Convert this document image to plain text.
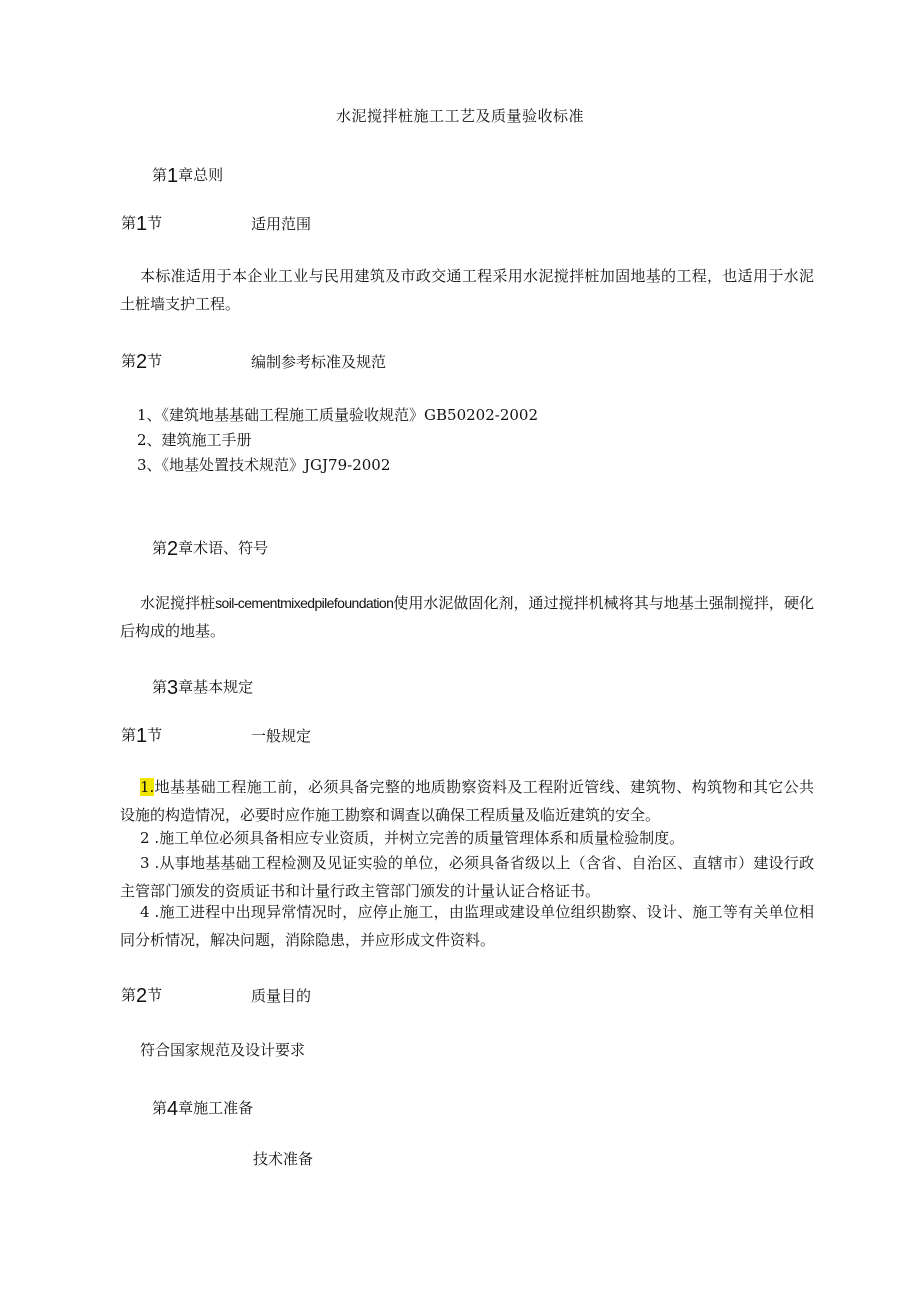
水泥搅拌桩施工工艺及质量验收标准
第1章总则
第1节	适用范围
本标准适用于本企业工业与民用建筑及市政交通工程采用水泥搅拌桩加固地基的工程，也适用于水泥土桩墙支护工程。
第2节	编制参考标准及规范
1、《建筑地基基础工程施工质量验收规范》GB50202-2002
2、建筑施工手册
3、《地基处置技术规范》JGJ79-2002
第2章术语、符号
水泥搅拌桩soil-cementmixedpilefoundation使用水泥做固化剂，通过搅拌机械将其与地基土强制搅拌，硬化后构成的地基。
第3章基本规定
第1节	一般规定
1.地基基础工程施工前，必须具备完整的地质勘察资料及工程附近管线、建筑物、构筑物和其它公共设施的构造情况，必要时应作施工勘察和调查以确保工程质量及临近建筑的安全。
2 .施工单位必须具备相应专业资质，并树立完善的质量管理体系和质量检验制度。
3 .从事地基基础工程检测及见证实验的单位，必须具备省级以上（含省、自治区、直辖市）建设行政主管部门颁发的资质证书和计量行政主管部门颁发的计量认证合格证书。
4 .施工进程中出现异常情况时，应停止施工，由监理或建设单位组织勘察、设计、施工等有关单位相同分析情况，解决问题，消除隐患，并应形成文件资料。
第2节	质量目的
符合国家规范及设计要求
第4章施工准备
技术准备
